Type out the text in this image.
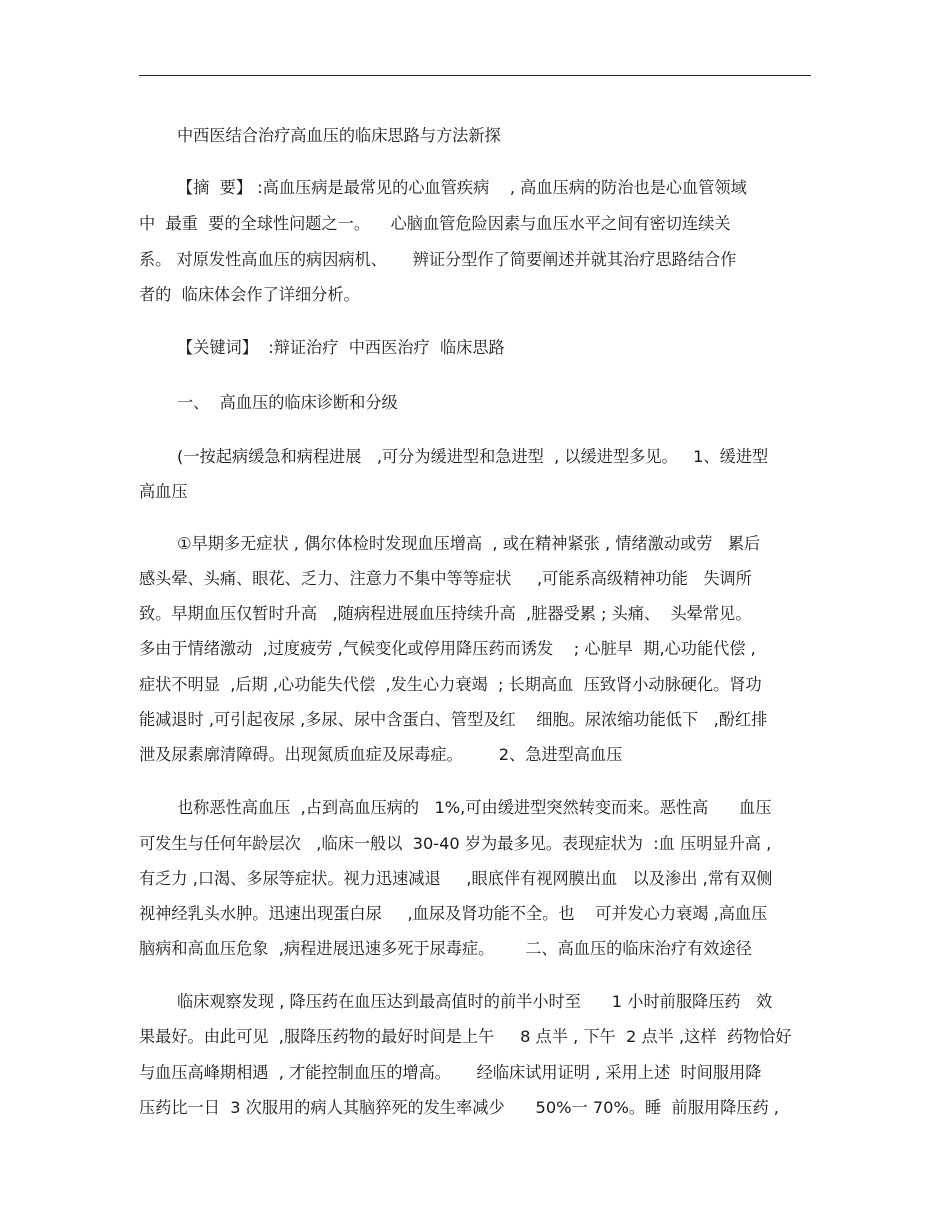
中西医结合治疗高血压的临床思路与方法新探
【摘  要】 :高血压病是最常见的心血管疾病    , 高血压病的防治也是心血管领域
中  最重  要的全球性问题之一。    心脑血管危险因素与血压水平之间有密切连续关
系。 对原发性高血压的病因病机、     辨证分型作了简要阐述并就其治疗思路结合作
者的  临床体会作了详细分析。
【关键词】  :辩证治疗  中西医治疗  临床思路
一、  高血压的临床诊断和分级
(一按起病缓急和病程进展   ,可分为缓进型和急进型  , 以缓进型多见。   1、缓进型
高血压
①早期多无症状 , 偶尔体检时发现血压增高  , 或在精神紧张 , 情绪激动或劳   累后
感头晕、头痛、眼花、乏力、注意力不集中等等症状     ,可能系高级精神功能   失调所
致。早期血压仅暂时升高   ,随病程进展血压持续升高  ,脏器受累 ; 头痛、  头晕常见。
多由于情绪激动  ,过度疲劳 ,气候变化或停用降压药而诱发    ; 心脏早  期,心功能代偿 ,
症状不明显  ,后期 ,心功能失代偿  ,发生心力衰竭  ; 长期高血  压致肾小动脉硬化。肾功
能减退时 ,可引起夜尿 ,多尿、尿中含蛋白、管型及红    细胞。尿浓缩功能低下   ,酚红排
泄及尿素廓清障碍。出现氮质血症及尿毒症。       2、急进型高血压
也称恶性高血压  ,占到高血压病的   1%,可由缓进型突然转变而来。恶性高      血压
可发生与任何年龄层次   ,临床一般以  30-40 岁为最多见。表现症状为  :血 压明显升高 ,
有乏力 ,口渴、多尿等症状。视力迅速减退     ,眼底伴有视网膜出血   以及渗出 ,常有双侧
视神经乳头水肿。迅速出现蛋白尿     ,血尿及肾功能不全。也    可并发心力衰竭 ,高血压
脑病和高血压危象  ,病程进展迅速多死于尿毒症。      二、高血压的临床治疗有效途径
临床观察发现 , 降压药在血压达到最高值时的前半小时至      1 小时前服降压药   效
果最好。由此可见  ,服降压药物的最好时间是上午     8 点半 , 下午  2 点半 ,这样  药物恰好
与血压高峰期相遇  , 才能控制血压的增高。     经临床试用证明 , 采用上述  时间服用降
压药比一日  3 次服用的病人其脑猝死的发生率减少      50%一 70%。睡  前服用降压药 ,
